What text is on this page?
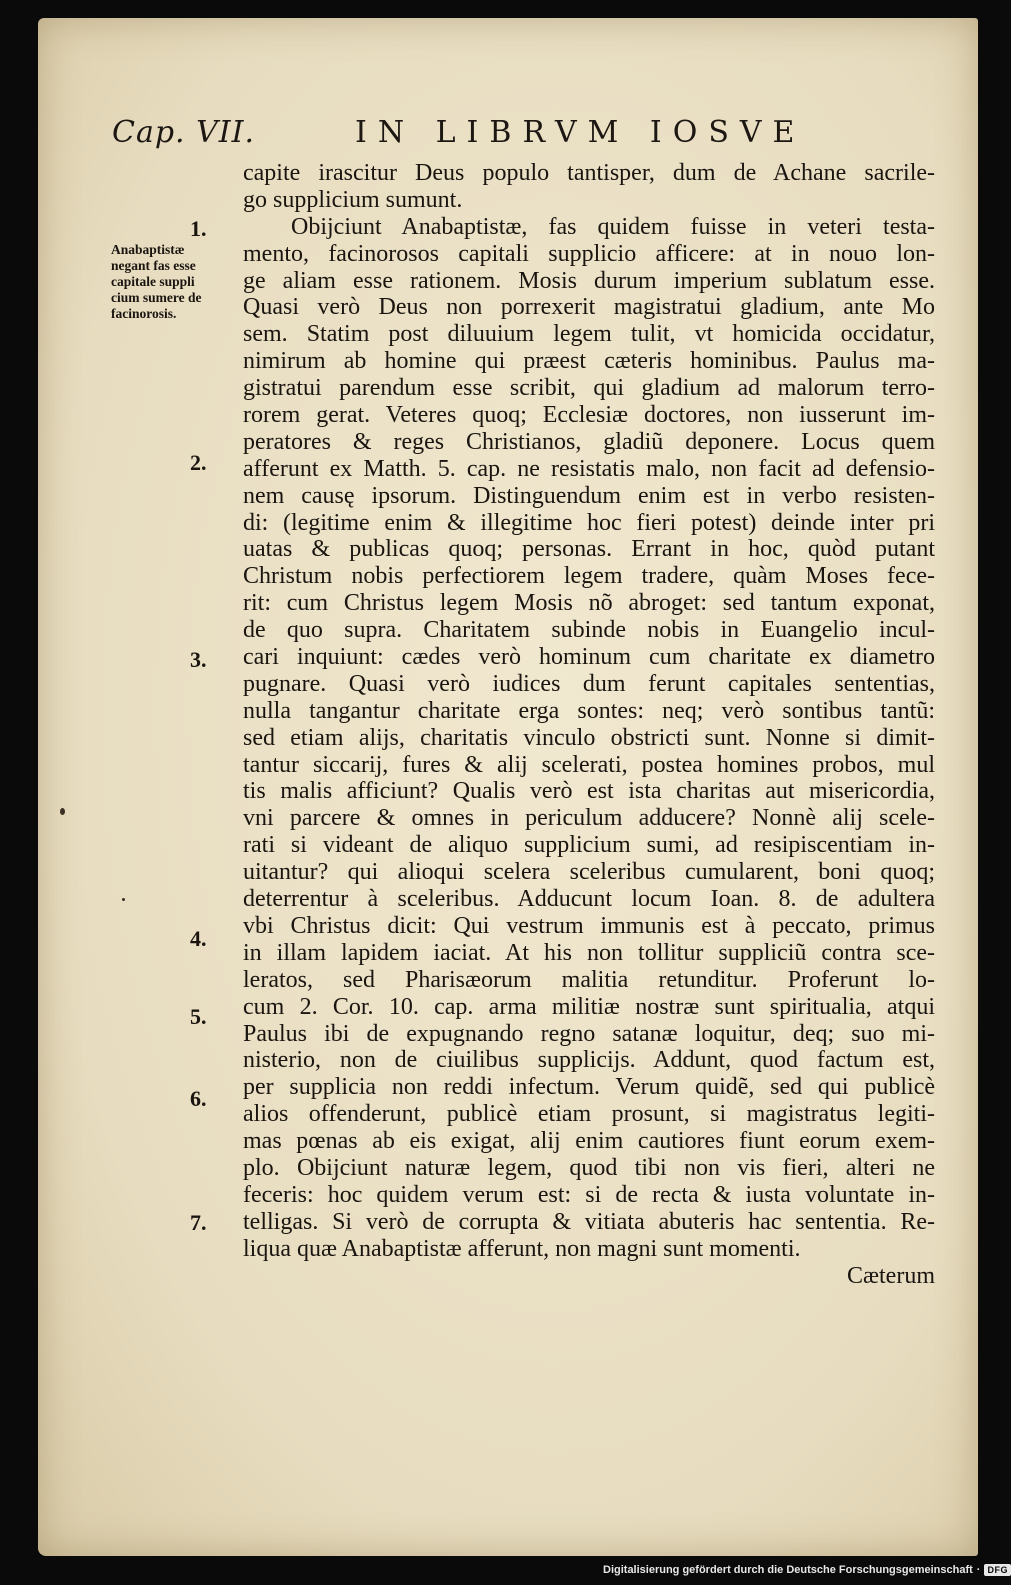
Cap. VII.	IN LIBRVM IOSVE
Anabaptistæ
negant fas esse
capitale suppli
cium sumere de
facinorosis.
1.
2.
3.
4.
5.
6.
7.
capite irascitur Deus populo tantisper, dum de Achane sacrile-
go supplicium sumunt.
Obijciunt Anabaptistæ, fas quidem fuisse in veteri testa-
mento, facinorosos capitali supplicio afficere: at in nouo lon-
ge aliam esse rationem. Mosis durum imperium sublatum esse.
Quasi verò Deus non porrexerit magistratui gladium, ante Mo
sem. Statim post diluuium legem tulit, vt homicida occidatur,
nimirum ab homine qui præest cæteris hominibus. Paulus ma-
gistratui parendum esse scribit, qui gladium ad malorum terro-
rorem gerat. Veteres quoq; Ecclesiæ doctores, non iusserunt im-
peratores & reges Christianos, gladiũ deponere. Locus quem
afferunt ex Matth. 5. cap. ne resistatis malo, non facit ad defensio-
nem causę ipsorum. Distinguendum enim est in verbo resisten-
di: (legitime enim & illegitime hoc fieri potest) deinde inter pri
uatas & publicas quoq; personas. Errant in hoc, quòd putant
Christum nobis perfectiorem legem tradere, quàm Moses fece-
rit: cum Christus legem Mosis nõ abroget: sed tantum exponat,
de quo supra. Charitatem subinde nobis in Euangelio incul-
cari inquiunt: cædes verò hominum cum charitate ex diametro
pugnare. Quasi verò iudices dum ferunt capitales sententias,
nulla tangantur charitate erga sontes: neq; verò sontibus tantũ:
sed etiam alijs, charitatis vinculo obstricti sunt. Nonne si dimit-
tantur siccarij, fures & alij scelerati, postea homines probos, mul
tis malis afficiunt? Qualis verò est ista charitas aut misericordia,
vni parcere & omnes in periculum adducere? Nonnè alij scele-
rati si videant de aliquo supplicium sumi, ad resipiscentiam in-
uitantur? qui alioqui scelera sceleribus cumularent, boni quoq;
deterrentur à sceleribus. Adducunt locum Ioan. 8. de adultera
vbi Christus dicit: Qui vestrum immunis est à peccato, primus
in illam lapidem iaciat. At his non tollitur suppliciũ contra sce-
leratos, sed Pharisæorum malitia retunditur. Proferunt lo-
cum 2. Cor. 10. cap. arma militiæ nostræ sunt spiritualia, atqui
Paulus ibi de expugnando regno satanæ loquitur, deq; suo mi-
nisterio, non de ciuilibus supplicijs. Addunt, quod factum est,
per supplicia non reddi infectum. Verum quidẽ, sed qui publicè
alios offenderunt, publicè etiam prosunt, si magistratus legiti-
mas pœnas ab eis exigat, alij enim cautiores fiunt eorum exem-
plo. Obijciunt naturæ legem, quod tibi non vis fieri, alteri ne
feceris: hoc quidem verum est: si de recta & iusta voluntate in-
telligas. Si verò de corrupta & vitiata abuteris hac sententia. Re-
liqua quæ Anabaptistæ afferunt, non magni sunt momenti.
Cæterum
Digitalisierung gefördert durch die Deutsche Forschungsgemeinschaft · DFG
